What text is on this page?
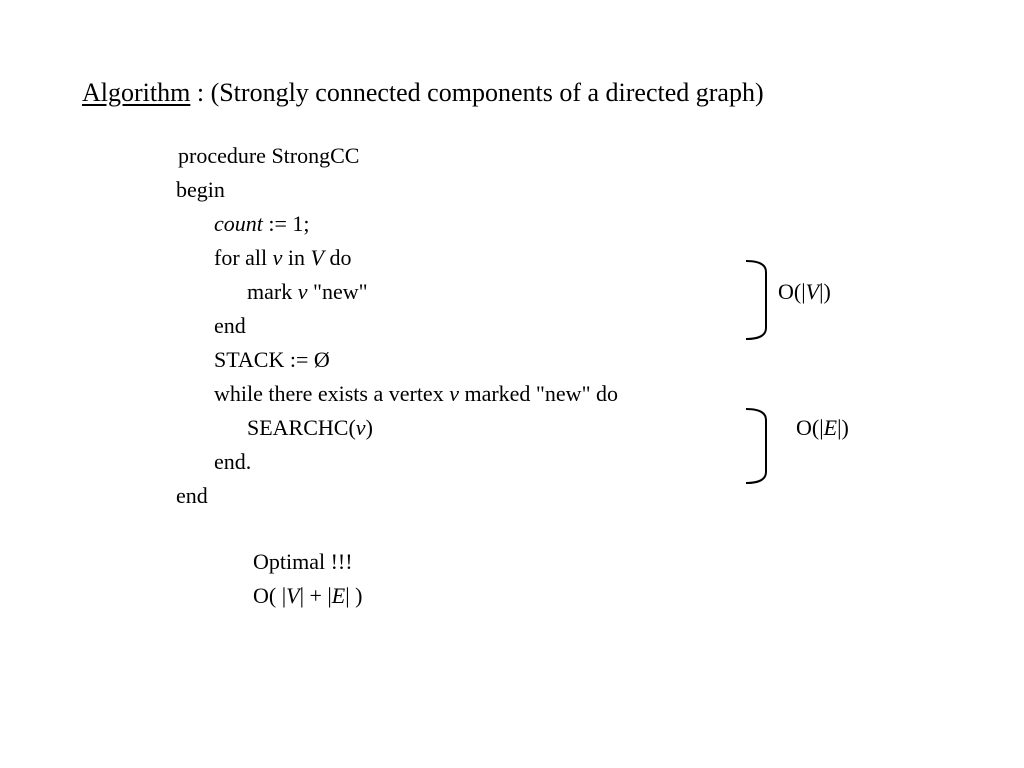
Algorithm : (Strongly connected components of a directed graph)
procedure StrongCC
begin
count := 1;
for all v in V do
mark v "new"
end
STACK := Ø
while there exists a vertex v marked "new" do
SEARCHC(v)
end.
end
O(|V|)
O(|E|)
Optimal !!!
O( |V| + |E| )
